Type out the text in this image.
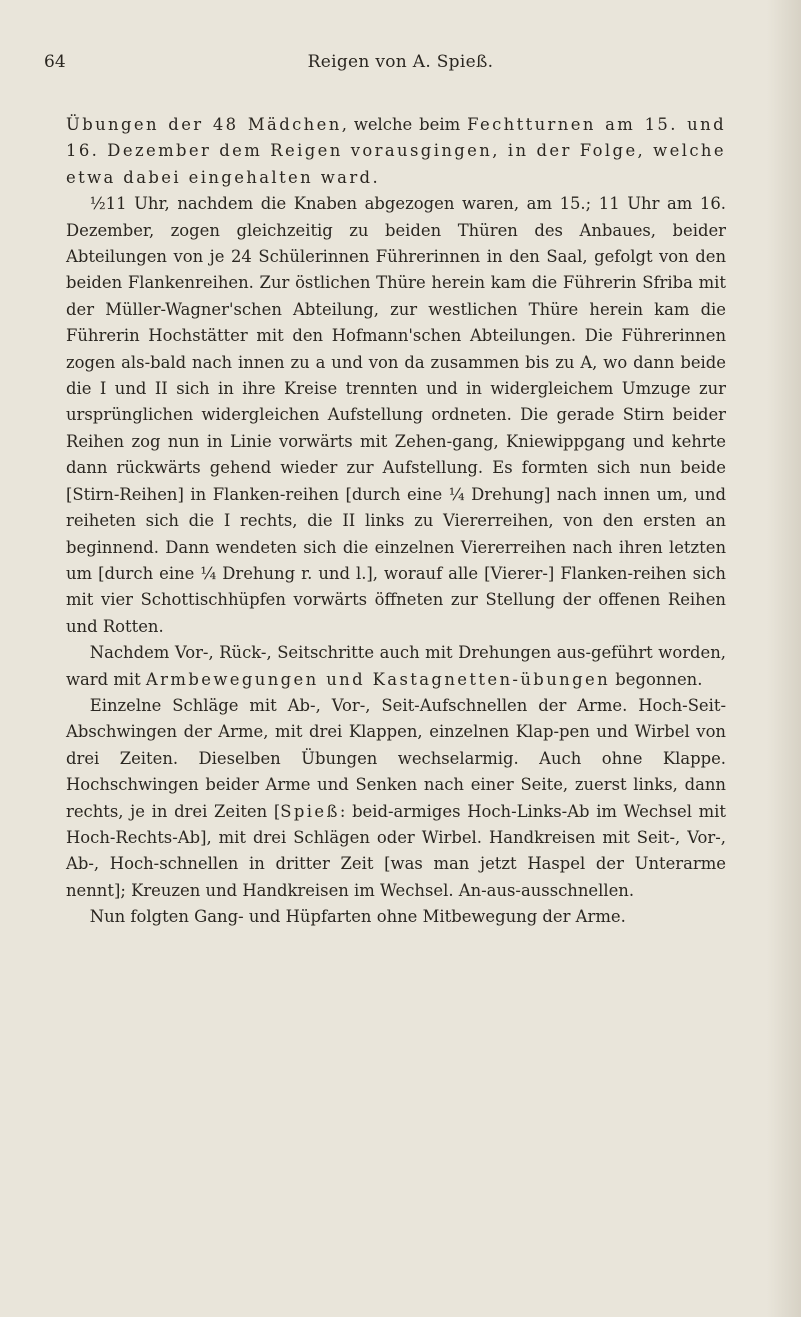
64	Reigen von A. Spieß.

Übungen der 48 Mädchen, welche beim Fechtturnen am 15. und 16. Dezember dem Reigen vorausgingen, in der Folge, welche etwa dabei eingehalten ward.

½11 Uhr, nachdem die Knaben abgezogen waren, am 15.; 11 Uhr am 16. Dezember, zogen gleichzeitig zu beiden Thüren des Anbaues, beider Abteilungen von je 24 Schülerinnen Führerinnen in den Saal, gefolgt von den beiden Flankenreihen. Zur östlichen Thüre herein kam die Führerin Sfriba mit der Müller-Wagner'schen Abteilung, zur westlichen Thüre herein kam die Führerin Hochstätter mit den Hofmann'schen Abteilungen. Die Führerinnen zogen als-bald nach innen zu a und von da zusammen bis zu A, wo dann beide die I und II sich in ihre Kreise trennten und in widergleichem Umzuge zur ursprünglichen widergleichen Aufstellung ordneten. Die gerade Stirn beider Reihen zog nun in Linie vorwärts mit Zehen-gang, Kniewippgang und kehrte dann rückwärts gehend wieder zur Aufstellung. Es formten sich nun beide [Stirn-Reihen] in Flanken-reihen [durch eine ¼ Drehung] nach innen um, und reiheten sich die I rechts, die II links zu Viererreihen, von den ersten an beginnend. Dann wendeten sich die einzelnen Viererreihen nach ihren letzten um [durch eine ¼ Drehung r. und l.], worauf alle [Vierer-] Flanken-reihen sich mit vier Schottischhüpfen vorwärts öffneten zur Stellung der offenen Reihen und Rotten.

Nachdem Vor-, Rück-, Seitschritte auch mit Drehungen aus-geführt worden, ward mit Armbewegungen und Kastagnetten-übungen begonnen.

Einzelne Schläge mit Ab-, Vor-, Seit-Aufschnellen der Arme. Hoch-Seit-Abschwingen der Arme, mit drei Klappen, einzelnen Klap-pen und Wirbel von drei Zeiten. Dieselben Übungen wechselarmig. Auch ohne Klappe. Hochschwingen beider Arme und Senken nach einer Seite, zuerst links, dann rechts, je in drei Zeiten [Spieß: beid-armiges Hoch-Links-Ab im Wechsel mit Hoch-Rechts-Ab], mit drei Schlägen oder Wirbel. Handkreisen mit Seit-, Vor-, Ab-, Hoch-schnellen in dritter Zeit [was man jetzt Haspel der Unterarme nennt]; Kreuzen und Handkreisen im Wechsel. An-aus-ausschnellen.

Nun folgten Gang- und Hüpfarten ohne Mitbewegung der Arme.
